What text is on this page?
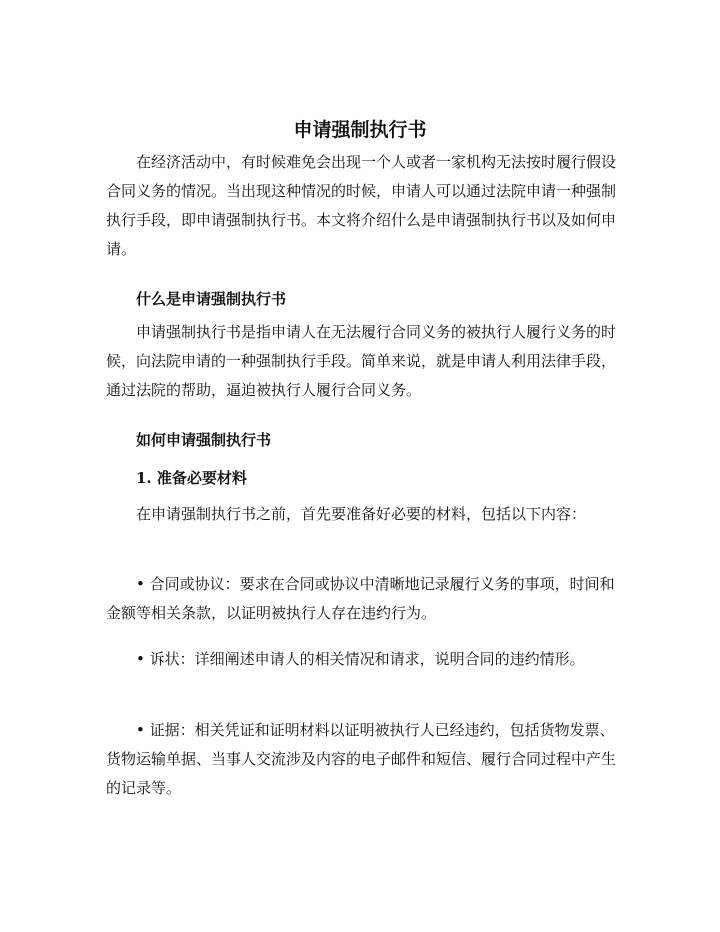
申请强制执行书

在经济活动中，有时候难免会出现一个人或者一家机构无法按时履行假设合同义务的情况。当出现这种情况的时候，申请人可以通过法院申请一种强制执行手段，即申请强制执行书。本文将介绍什么是申请强制执行书以及如何申请。

什么是申请强制执行书

申请强制执行书是指申请人在无法履行合同义务的被执行人履行义务的时候，向法院申请的一种强制执行手段。简单来说，就是申请人利用法律手段，通过法院的帮助，逼迫被执行人履行合同义务。

如何申请强制执行书
1. 准备必要材料

在申请强制执行书之前，首先要准备好必要的材料，包括以下内容：

• 合同或协议：要求在合同或协议中清晰地记录履行义务的事项，时间和金额等相关条款，以证明被执行人存在违约行为。

• 诉状：详细阐述申请人的相关情况和请求，说明合同的违约情形。

• 证据：相关凭证和证明材料以证明被执行人已经违约，包括货物发票、货物运输单据、当事人交流涉及内容的电子邮件和短信、履行合同过程中产生的记录等。
